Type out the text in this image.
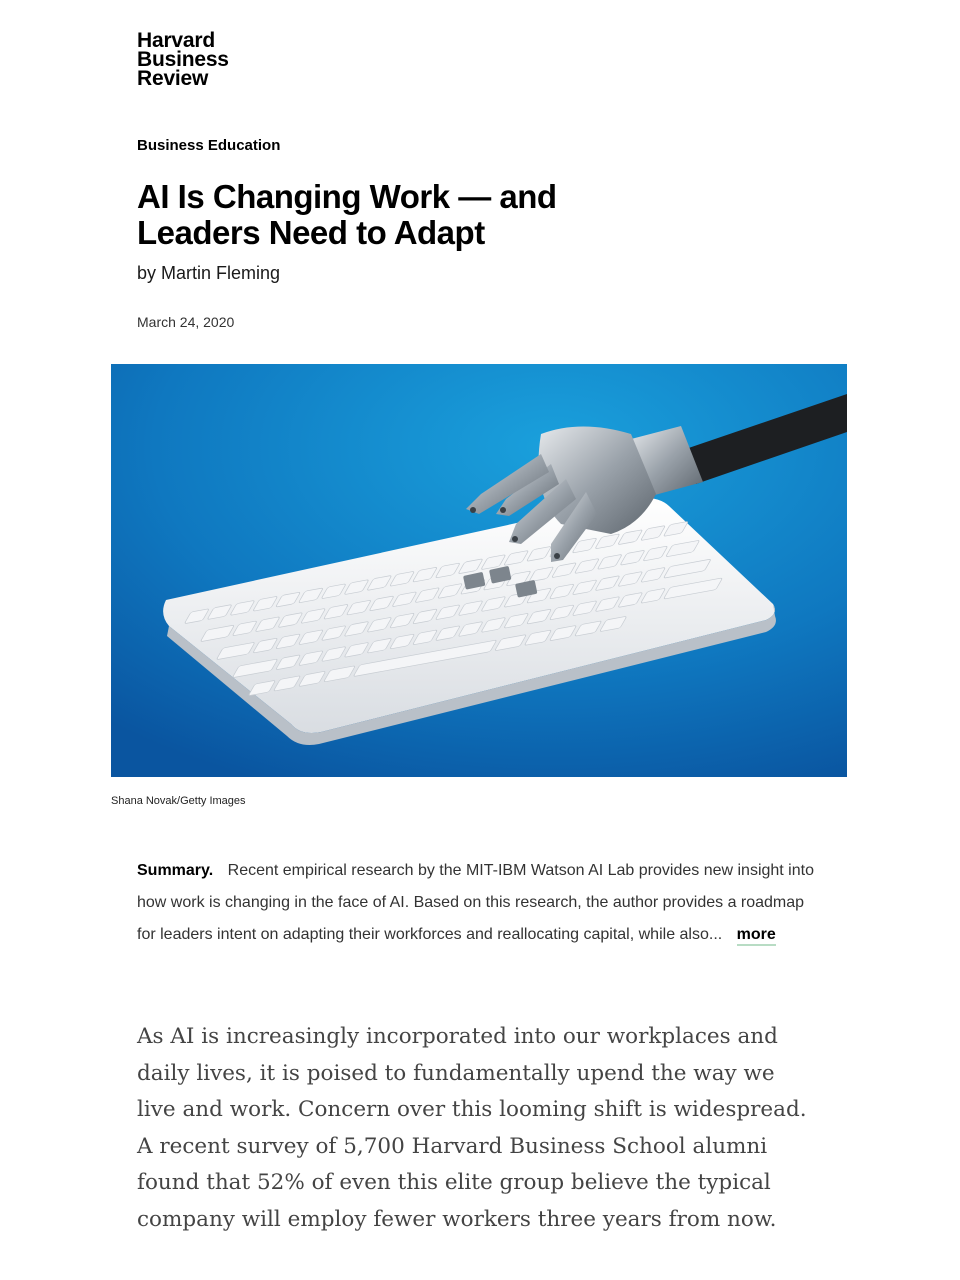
Harvard
Business
Review
Business Education
AI Is Changing Work — and Leaders Need to Adapt
by Martin Fleming
March 24, 2020
Shana Novak/Getty Images
Summary. Recent empirical research by the MIT-IBM Watson AI Lab provides new insight into how work is changing in the face of AI. Based on this research, the author provides a roadmap for leaders intent on adapting their workforces and reallocating capital, while also... more

As AI is increasingly incorporated into our workplaces and daily lives, it is poised to fundamentally upend the way we live and work. Concern over this looming shift is widespread. A recent survey of 5,700 Harvard Business School alumni found that 52% of even this elite group believe the typical company will employ fewer workers three years from now.
